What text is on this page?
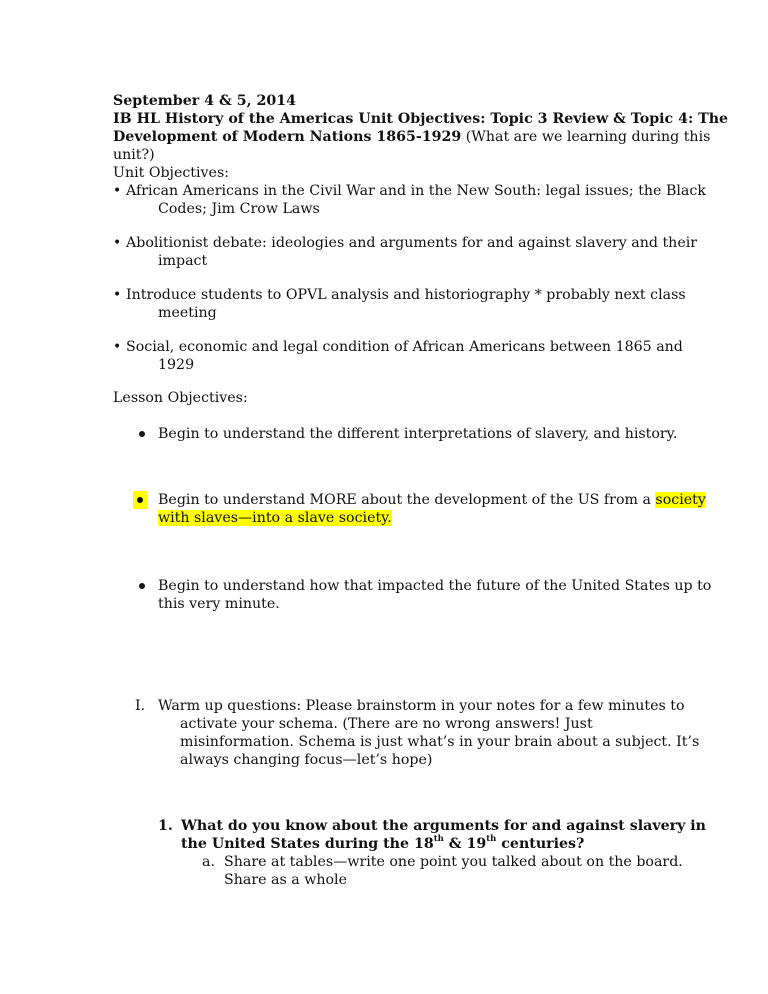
September 4 & 5, 2014
IB HL History of the Americas Unit Objectives: Topic 3 Review & Topic 4: The
Development of Modern Nations 1865-1929 (What are we learning during this
unit?)
Unit Objectives:
• African Americans in the Civil War and in the New South: legal issues; the Black
Codes; Jim Crow Laws
• Abolitionist debate: ideologies and arguments for and against slavery and their
impact
• Introduce students to OPVL analysis and historiography * probably next class
meeting
• Social, economic and legal condition of African Americans between 1865 and
1929
Lesson Objectives:
Begin to understand the different interpretations of slavery, and history.
Begin to understand MORE about the development of the US from a society
with slaves—into a slave society.
Begin to understand how that impacted the future of the United States up to
this very minute.
I. Warm up questions: Please brainstorm in your notes for a few minutes to
activate your schema. (There are no wrong answers! Just
misinformation. Schema is just what’s in your brain about a subject. It’s
always changing focus—let’s hope)
1. What do you know about the arguments for and against slavery in
the United States during the 18th & 19th centuries?
a. Share at tables—write one point you talked about on the board.
Share as a whole
